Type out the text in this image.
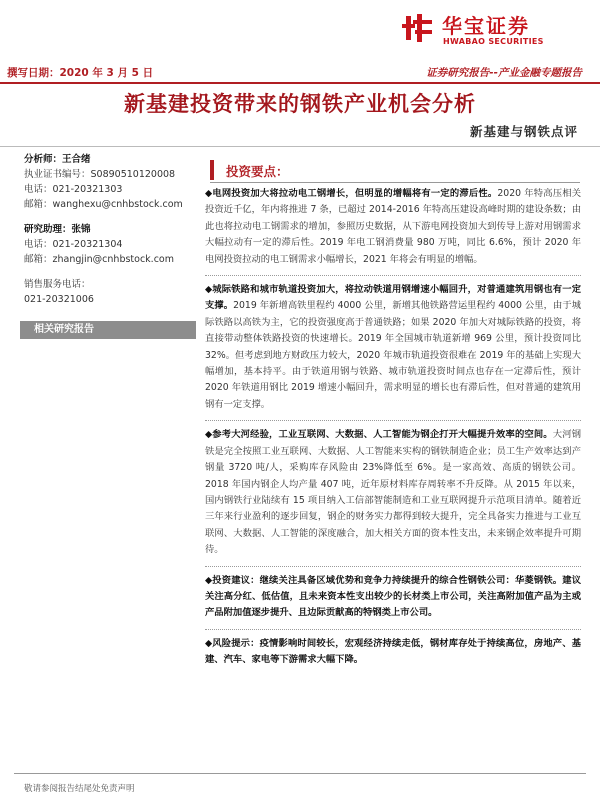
华宝证券
HWABAO SECURITIES
撰写日期：2020 年 3 月 5 日	证券研究报告--产业金融专题报告
新基建投资带来的钢铁产业机会分析
新基建与钢铁点评
分析师：王合绪
执业证书编号：S0890510120008
电话：021-20321303
邮箱：wanghexu@cnhbstock.com
研究助理：张锦
电话：021-20321304
邮箱：zhangjin@cnhbstock.com
销售服务电话：
021-20321006
相关研究报告
投资要点：

◆电网投资加大将拉动电工钢增长，但明显的增幅将有一定的滞后性。2020 年特高压相关投资近千亿，年内将推进 7 条，已超过 2014-2016 年特高压建设高峰时期的建设条数；由此也将拉动电工钢需求的增加，参照历史数据，从下游电网投资加大到传导上游对用钢需求大幅拉动有一定的滞后性。2019 年电工钢消费量 980 万吨，同比 6.6%，预计 2020 年电网投资拉动的电工钢需求小幅增长，2021 年将会有明显的增幅。

◆城际铁路和城市轨道投资加大，将拉动铁道用钢增速小幅回升，对普通建筑用钢也有一定支撑。2019 年新增高铁里程约 4000 公里，新增其他铁路营运里程约 4000 公里，由于城际铁路以高铁为主，它的投资强度高于普通铁路；如果 2020 年加大对城际铁路的投资，将直接带动整体铁路投资的快速增长。2019 年全国城市轨道新增 969 公里，预计投资同比 32%。但考虑到地方财政压力较大，2020 年城市轨道投资很难在 2019 年的基础上实现大幅增加，基本持平。由于铁道用钢与铁路、城市轨道投资时间点也存在一定滞后性，预计 2020 年铁道用钢比 2019 增速小幅回升，需求明显的增长也有滞后性，但对普通的建筑用钢有一定支撑。

◆参考大河经验，工业互联网、大数据、人工智能为钢企打开大幅提升效率的空间。大河钢铁是完全按照工业互联网、大数据、人工智能来实构的钢铁制造企业；员工生产效率达到产钢量 3720 吨/人，采购库存风险由 23%降低至 6%。是一家高效、高质的钢铁公司。2018 年国内钢企人均产量 407 吨，近年原材料库存周转率不升反降。从 2015 年以来，国内钢铁行业陆续有 15 项目纳入工信部智能制造和工业互联网提升示范项目清单。随着近三年来行业盈利的逐步回复，钢企的财务实力都得到较大提升，完全具备实力推进与工业互联网、大数据、人工智能的深度融合，加大相关方面的资本性支出，未来钢企效率提升可期待。

◆投资建议：继续关注具备区域优势和竞争力持续提升的综合性钢铁公司：华菱钢铁。建议关注高分红、低估值，且未来资本性支出较少的长材类上市公司，关注高附加值产品为主或产品附加值逐步提升、且边际贡献高的特钢类上市公司。

◆风险提示：疫情影响时间较长，宏观经济持续走低，钢材库存处于持续高位，房地产、基建、汽车、家电等下游需求大幅下降。

敬请参阅报告结尾处免责声明
